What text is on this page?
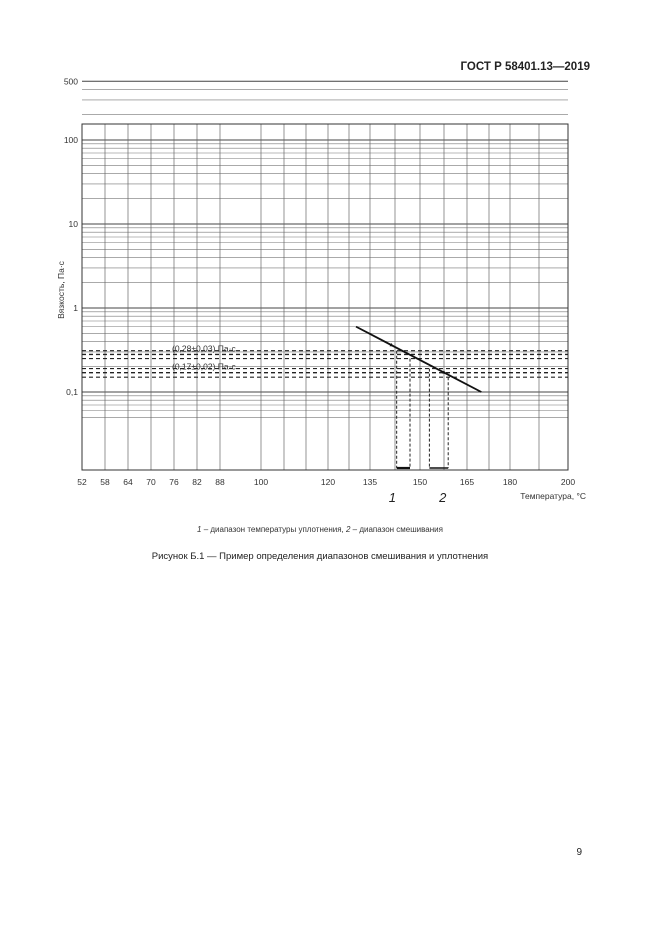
ГОСТ Р 58401.13—2019
(0,28±0,03) Па·с
(0,17±0,02) Па·с
1	2
500
100
10
1
0,1
52 58 64 70 76 82 88	100	120	135	150	165	180	200
Вязкость, Па·с
Температура, °С
1 – диапазон температуры уплотнения, 2 – диапазон смешивания
Рисунок Б.1 — Пример определения диапазонов смешивания и уплотнения
9
